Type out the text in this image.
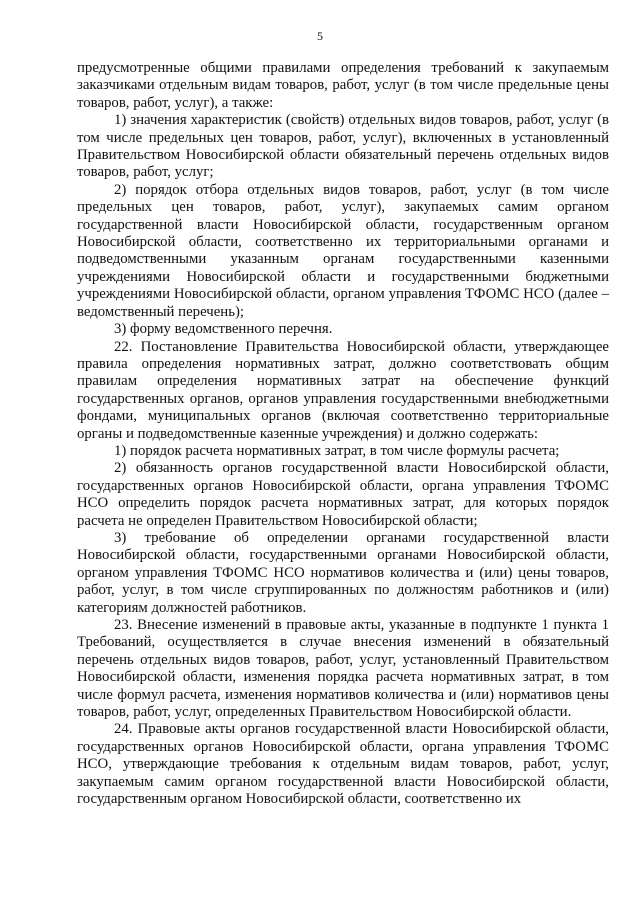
5

предусмотренные общими правилами определения требований к закупаемым заказчиками отдельным видам товаров, работ, услуг (в том числе предельные цены товаров, работ, услуг), а также:

1) значения характеристик (свойств) отдельных видов товаров, работ, услуг (в том числе предельных цен товаров, работ, услуг), включенных в установленный Правительством Новосибирской области обязательный перечень отдельных видов товаров, работ, услуг;

2) порядок отбора отдельных видов товаров, работ, услуг (в том числе предельных цен товаров, работ, услуг), закупаемых самим органом государственной власти Новосибирской области, государственным органом Новосибирской области, соответственно их территориальными органами и подведомственными указанным органам государственными казенными учреждениями Новосибирской области и государственными бюджетными учреждениями Новосибирской области, органом управления ТФОМС НСО (далее – ведомственный перечень);

3) форму ведомственного перечня.

22. Постановление Правительства Новосибирской области, утверждающее правила определения нормативных затрат, должно соответствовать общим правилам определения нормативных затрат на обеспечение функций государственных органов, органов управления государственными внебюджетными фондами, муниципальных органов (включая соответственно территориальные органы и подведомственные казенные учреждения) и должно содержать:

1) порядок расчета нормативных затрат, в том числе формулы расчета;

2) обязанность органов государственной власти Новосибирской области, государственных органов Новосибирской области, органа управления ТФОМС НСО определить порядок расчета нормативных затрат, для которых порядок расчета не определен Правительством Новосибирской области;

3) требование об определении органами государственной власти Новосибирской области, государственными органами Новосибирской области, органом управления ТФОМС НСО нормативов количества и (или) цены товаров, работ, услуг, в том числе сгруппированных по должностям работников и (или) категориям должностей работников.

23. Внесение изменений в правовые акты, указанные в подпункте 1 пункта 1 Требований, осуществляется в случае внесения изменений в обязательный перечень отдельных видов товаров, работ, услуг, установленный Правительством Новосибирской области, изменения порядка расчета нормативных затрат, в том числе формул расчета, изменения нормативов количества и (или) нормативов цены товаров, работ, услуг, определенных Правительством Новосибирской области.

24. Правовые акты органов государственной власти Новосибирской области, государственных органов Новосибирской области, органа управления ТФОМС НСО, утверждающие требования к отдельным видам товаров, работ, услуг, закупаемым самим органом государственной власти Новосибирской области, государственным органом Новосибирской области, соответственно их
